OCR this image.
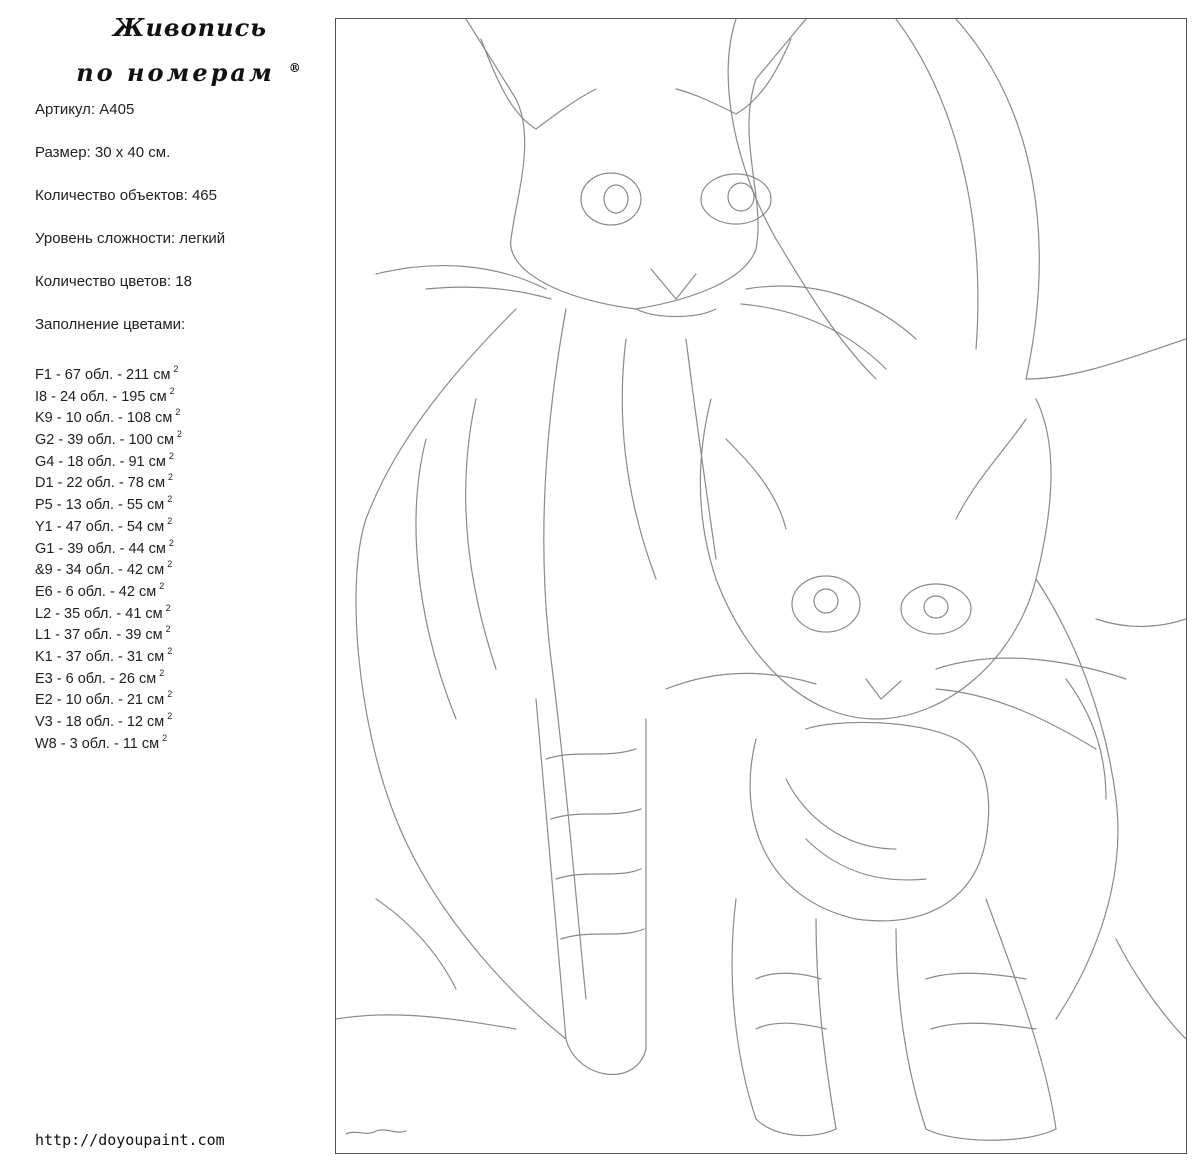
Живопись
по номерам ®
Артикул: А405
Размер: 30 х 40 см.
Количество объектов: 465
Уровень сложности: легкий
Количество цветов: 18
Заполнение цветами:
F1 - 67 обл. - 211 см $^2$
I8 - 24 обл. - 195 см $^2$
K9 - 10 обл. - 108 см $^2$
G2 - 39 обл. - 100 см $^2$
G4 - 18 обл. - 91 см $^2$
D1 - 22 обл. - 78 см $^2$
P5 - 13 обл. - 55 см $^2$
Y1 - 47 обл. - 54 см $^2$
G1 - 39 обл. - 44 см $^2$
&9 - 34 обл. - 42 см $^2$
E6 - 6 обл. - 42 см $^2$
L2 - 35 обл. - 41 см $^2$
L1 - 37 обл. - 39 см $^2$
K1 - 37 обл. - 31 см $^2$
E3 - 6 обл. - 26 см $^2$
E2 - 10 обл. - 21 см $^2$
V3 - 18 обл. - 12 см $^2$
W8 - 3 обл. - 11 см $^2$
http://doyoupaint.com
